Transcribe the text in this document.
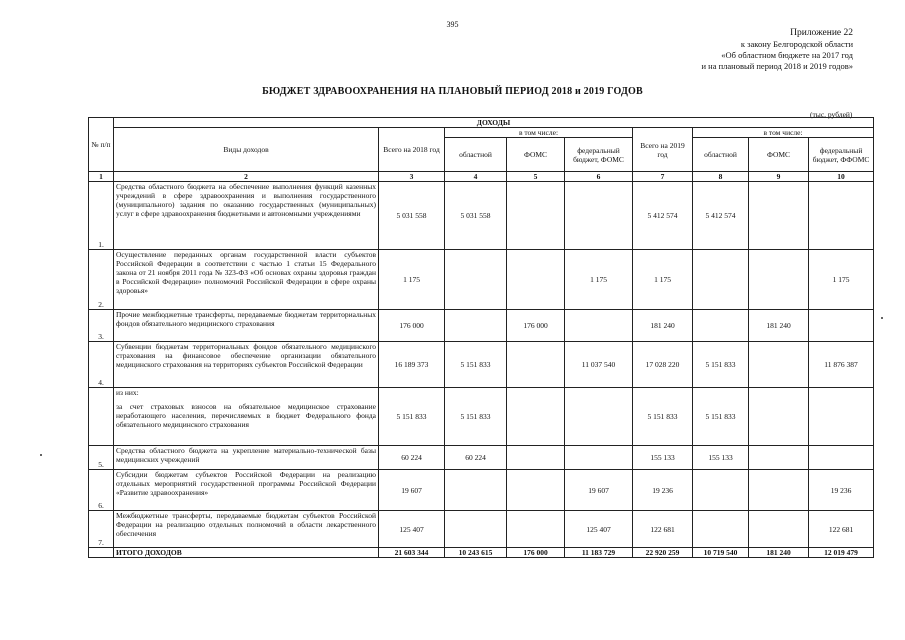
395
Приложение 22
к закону Белгородской области
«Об областном бюджете на 2017 год
и на плановый период 2018 и 2019 годов»
БЮДЖЕТ ЗДРАВООХРАНЕНИЯ НА ПЛАНОВЫЙ ПЕРИОД 2018 и 2019 ГОДОВ
(тыс. рублей)
№ п/п	ДОХОДЫ								
	Виды доходов	Всего на 2018 год	в том числе:			Всего на 2019 год	в том числе:		
			областной	ФОМС	федеральный бюджет, ФОМС		областной	ФОМС	федеральный бюджет, ФФОМС
1	2	3	4	5	6	7	8	9	10
1.	Средства областного бюджета на обеспечение выполнения функций казенных учреждений в сфере здравоохранения и выполнения государственного (муниципального) задания по оказанию государственных (муниципальных) услуг в сфере здравоохранения бюджетными и автономными учреждениями	5 031 558	5 031 558			5 412 574	5 412 574		
2.	Осуществление переданных органам государственной власти субъектов Российской Федерации в соответствии с частью 1 статьи 15 Федерального закона от 21 ноября 2011 года № 323-ФЗ «Об основах охраны здоровья граждан в Российской Федерации» полномочий Российской Федерации в сфере охраны здоровья»	1 175			1 175	1 175			1 175
3.	Прочие межбюджетные трансферты, передаваемые бюджетам территориальных фондов обязательного медицинского страхования	176 000		176 000		181 240		181 240	
4.	Субвенции бюджетам территориальных фондов обязательного медицинского страхования на финансовое обеспечение организации обязательного медицинского страхования на территориях субъектов Российской Федерации	16 189 373	5 151 833		11 037 540	17 028 220	5 151 833		11 876 387

	из них:
за счет страховых взносов на обязательное медицинское страхование неработающего населения, перечисляемых в бюджет Федерального фонда обязательного медицинского страхования	5 151 833	5 151 833			5 151 833	5 151 833		
5.	Средства областного бюджета на укрепление материально-технической базы медицинских учреждений	60 224	60 224			155 133	155 133		
6.	Субсидии бюджетам субъектов Российской Федерации на реализацию отдельных мероприятий государственной программы Российской Федерации «Развитие здравоохранения»	19 607			19 607	19 236			19 236
7.	Межбюджетные трансферты, передаваемые бюджетам субъектов Российской Федерации на реализацию отдельных полномочий в области лекарственного обеспечения	125 407			125 407	122 681			122 681
	ИТОГО ДОХОДОВ	21 603 344	10 243 615	176 000	11 183 729	22 920 259	10 719 540	181 240	12 019 479
